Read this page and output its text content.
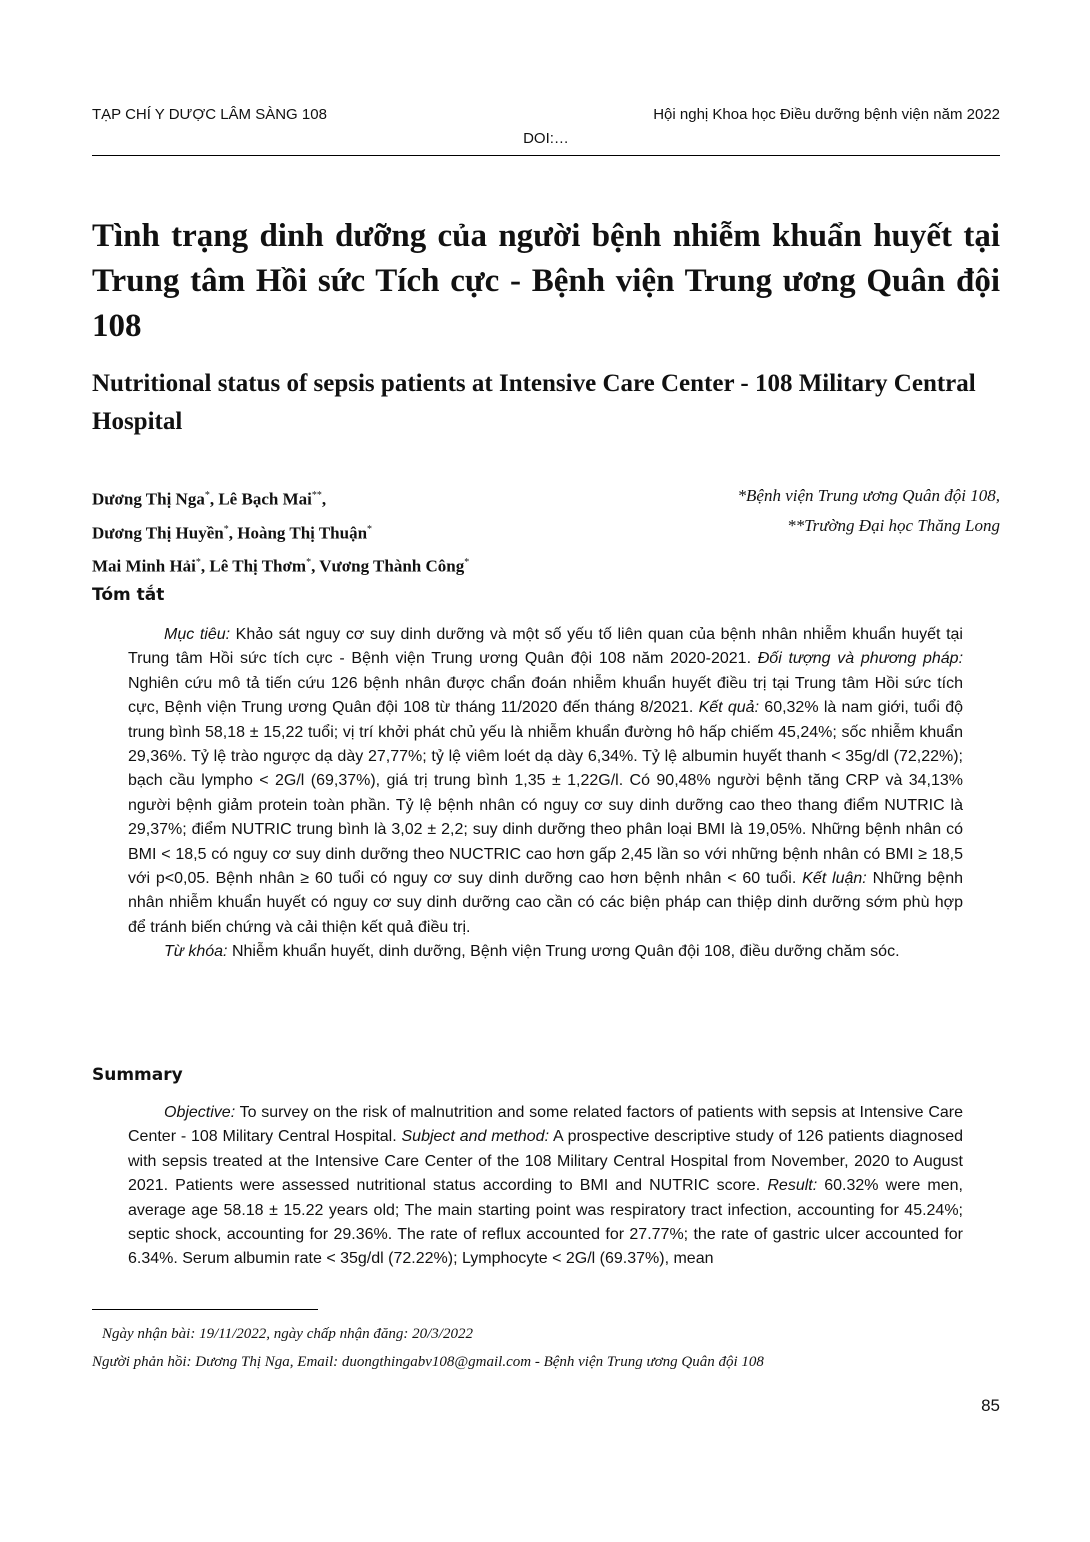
TẠP CHÍ Y DƯỢC LÂM SÀNG 108	Hội nghị Khoa học Điều dưỡng bệnh viện năm 2022
DOI:…
Tình trạng dinh dưỡng của người bệnh nhiễm khuẩn huyết tại Trung tâm Hồi sức Tích cực - Bệnh viện Trung ương Quân đội 108
Nutritional status of sepsis patients at Intensive Care Center - 108 Military Central Hospital
Dương Thị Nga*, Lê Bạch Mai**,
Dương Thị Huyền*, Hoàng Thị Thuận*
Mai Minh Hải*, Lê Thị Thơm*, Vương Thành Công*
*Bệnh viện Trung ương Quân đội 108,
**Trường Đại học Thăng Long
Tóm tắt

Mục tiêu: Khảo sát nguy cơ suy dinh dưỡng và một số yếu tố liên quan của bệnh nhân nhiễm khuẩn huyết tại Trung tâm Hồi sức tích cực - Bệnh viện Trung ương Quân đội 108 năm 2020-2021. Đối tượng và phương pháp: Nghiên cứu mô tả tiến cứu 126 bệnh nhân được chẩn đoán nhiễm khuẩn huyết điều trị tại Trung tâm Hồi sức tích cực, Bệnh viện Trung ương Quân đội 108 từ tháng 11/2020 đến tháng 8/2021. Kết quả: 60,32% là nam giới, tuổi độ trung bình 58,18 ± 15,22 tuổi; vị trí khởi phát chủ yếu là nhiễm khuẩn đường hô hấp chiếm 45,24%; sốc nhiễm khuẩn 29,36%. Tỷ lệ trào ngược dạ dày 27,77%; tỷ lệ viêm loét dạ dày 6,34%. Tỷ lệ albumin huyết thanh < 35g/dl (72,22%); bạch cầu lympho < 2G/l (69,37%), giá trị trung bình 1,35 ± 1,22G/l. Có 90,48% người bệnh tăng CRP và 34,13% người bệnh giảm protein toàn phần. Tỷ lệ bệnh nhân có nguy cơ suy dinh dưỡng cao theo thang điểm NUTRIC là 29,37%; điểm NUTRIC trung bình là 3,02 ± 2,2; suy dinh dưỡng theo phân loại BMI là 19,05%. Những bệnh nhân có BMI < 18,5 có nguy cơ suy dinh dưỡng theo NUCTRIC cao hơn gấp 2,45 lần so với những bệnh nhân có BMI ≥ 18,5 với p<0,05. Bệnh nhân ≥ 60 tuổi có nguy cơ suy dinh dưỡng cao hơn bệnh nhân < 60 tuổi. Kết luận: Những bệnh nhân nhiễm khuẩn huyết có nguy cơ suy dinh dưỡng cao cần có các biện pháp can thiệp dinh dưỡng sớm phù hợp để tránh biến chứng và cải thiện kết quả điều trị.

Từ khóa: Nhiễm khuẩn huyết, dinh dưỡng, Bệnh viện Trung ương Quân đội 108, điều dưỡng chăm sóc.

Summary

Objective: To survey on the risk of malnutrition and some related factors of patients with sepsis at Intensive Care Center - 108 Military Central Hospital. Subject and method: A prospective descriptive study of 126 patients diagnosed with sepsis treated at the Intensive Care Center of the 108 Military Central Hospital from November, 2020 to August 2021. Patients were assessed nutritional status according to BMI and NUTRIC score. Result: 60.32% were men, average age 58.18 ± 15.22 years old; The main starting point was respiratory tract infection, accounting for 45.24%; septic shock, accounting for 29.36%. The rate of reflux accounted for 27.77%; the rate of gastric ulcer accounted for 6.34%. Serum albumin rate < 35g/dl (72.22%); Lymphocyte < 2G/l (69.37%), mean

Ngày nhận bài: 19/11/2022, ngày chấp nhận đăng: 20/3/2022
Người phản hồi: Dương Thị Nga, Email: duongthingabv108@gmail.com - Bệnh viện Trung ương Quân đội 108
85
